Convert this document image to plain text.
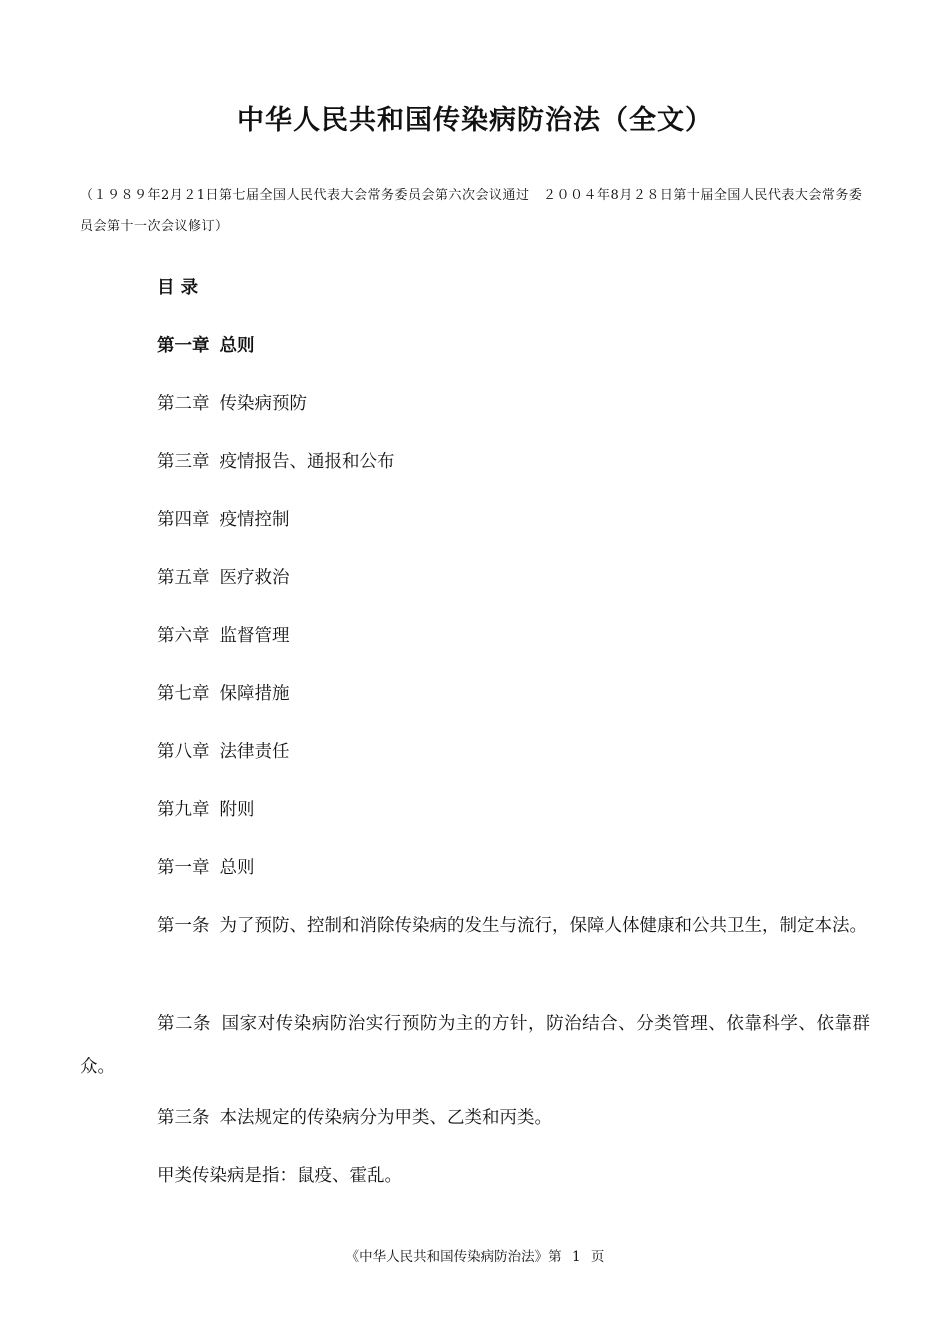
中华人民共和国传染病防治法（全文）
（１９８９年2月２1日第七届全国人民代表大会常务委员会第六次会议通过　２００４年8月２８日第十届全国人民代表大会常务委员会第十一次会议修订）
目 录
第一章 总则
第二章 传染病预防
第三章 疫情报告、通报和公布
第四章 疫情控制
第五章 医疗救治
第六章 监督管理
第七章 保障措施
第八章 法律责任
第九章 附则
第一章 总则
第一条 为了预防、控制和消除传染病的发生与流行，保障人体健康和公共卫生，制定本法。
第二条 国家对传染病防治实行预防为主的方针，防治结合、分类管理、依靠科学、依靠群众。
第三条 本法规定的传染病分为甲类、乙类和丙类。
甲类传染病是指：鼠疫、霍乱。
《中华人民共和国传染病防治法》第 1 页
